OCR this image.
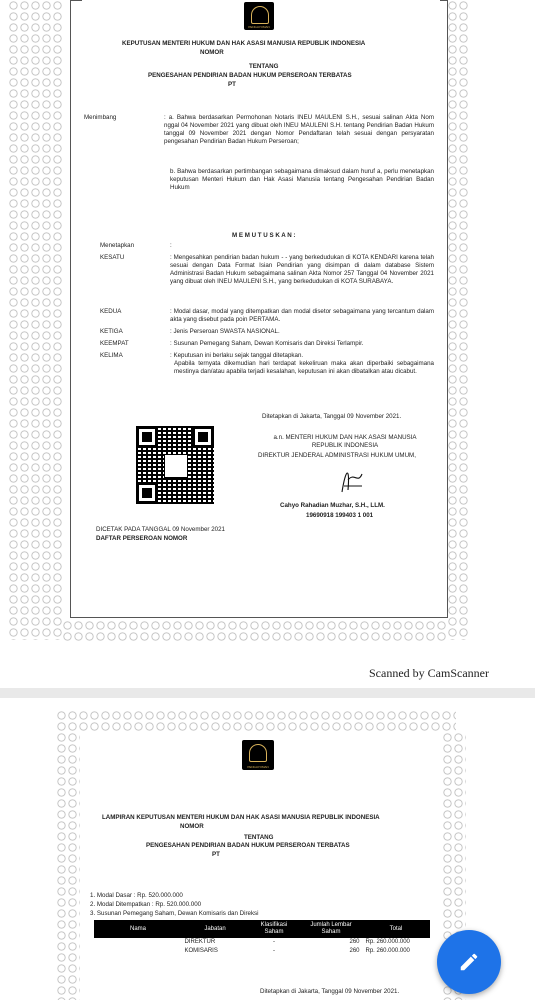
PENGAYOMAN
KEPUTUSAN MENTERI HUKUM DAN HAK ASASI MANUSIA REPUBLIK INDONESIA
NOMOR
TENTANG
PENGESAHAN PENDIRIAN BADAN HUKUM PERSEROAN TERBATAS
PT
Menimbang	: a. Bahwa berdasarkan Permohonan Notaris INEU MAULENI S.H., sesuai salinan Akta Nom nggal 04 November 2021 yang dibuat oleh INEU MAULENI S.H. tentang Pendirian Badan Hukum tanggal 09 November 2021 dengan Nomor Pendaftaran telah sesuai dengan persyaratan pengesahan Pendirian Badan Hukum Perseroan;
b. Bahwa berdasarkan pertimbangan sebagaimana dimaksud dalam huruf a, perlu menetapkan keputusan Menteri Hukum dan Hak Asasi Manusia tentang Pengesahan Pendirian Badan Hukum
M E M U T U S K A N :
Menetapkan	:
KESATU	: Mengesahkan pendirian badan hukum - - yang berkedudukan di KOTA KENDARI karena telah sesuai dengan Data Format Isian Pendirian yang disimpan di dalam database Sistem Administrasi Badan Hukum sebagaimana salinan Akta Nomor 257 Tanggal 04 November 2021 yang dibuat oleh INEU MAULENI S.H., yang berkedudukan di KOTA SURABAYA.
KEDUA	: Modal dasar, modal yang ditempatkan dan modal disetor sebagaimana yang tercantum dalam akta yang disebut pada poin PERTAMA.
KETIGA	: Jenis Perseroan SWASTA NASIONAL.
KEEMPAT	: Susunan Pemegang Saham, Dewan Komisaris dan Direksi Terlampir.
KELIMA	: Keputusan ini berlaku sejak tanggal ditetapkan.
Apabila ternyata dikemudian hari terdapat kekeliruan maka akan diperbaiki sebagaimana mestinya dan/atau apabila terjadi kesalahan, keputusan ini akan dibatalkan atau dicabut.
Ditetapkan di Jakarta, Tanggal 09 November 2021.
a.n. MENTERI HUKUM DAN HAK ASASI MANUSIA
REPUBLIK INDONESIA
DIREKTUR JENDERAL ADMINISTRASI HUKUM UMUM,
Cahyo Rahadian Muzhar, S.H., LLM.
19690918 199403 1 001
DICETAK PADA TANGGAL 09 November 2021
DAFTAR PERSEROAN NOMOR
Scanned by CamScanner
PENGAYOMAN
LAMPIRAN KEPUTUSAN MENTERI HUKUM DAN HAK ASASI MANUSIA REPUBLIK INDONESIA
NOMOR
TENTANG
PENGESAHAN PENDIRIAN BADAN HUKUM PERSEROAN TERBATAS
PT
1. Modal Dasar : Rp. 520.000.000
2. Modal Ditempatkan : Rp. 520.000.000
3. Susunan Pemegang Saham, Dewan Komisaris dan Direksi
Nama	Jabatan	Klasifikasi Saham	Jumlah Lembar Saham	Total
	DIREKTUR	-	260	Rp. 260.000.000
	KOMISARIS	-	260	Rp. 260.000.000
Ditetapkan di Jakarta, Tanggal 09 November 2021.
